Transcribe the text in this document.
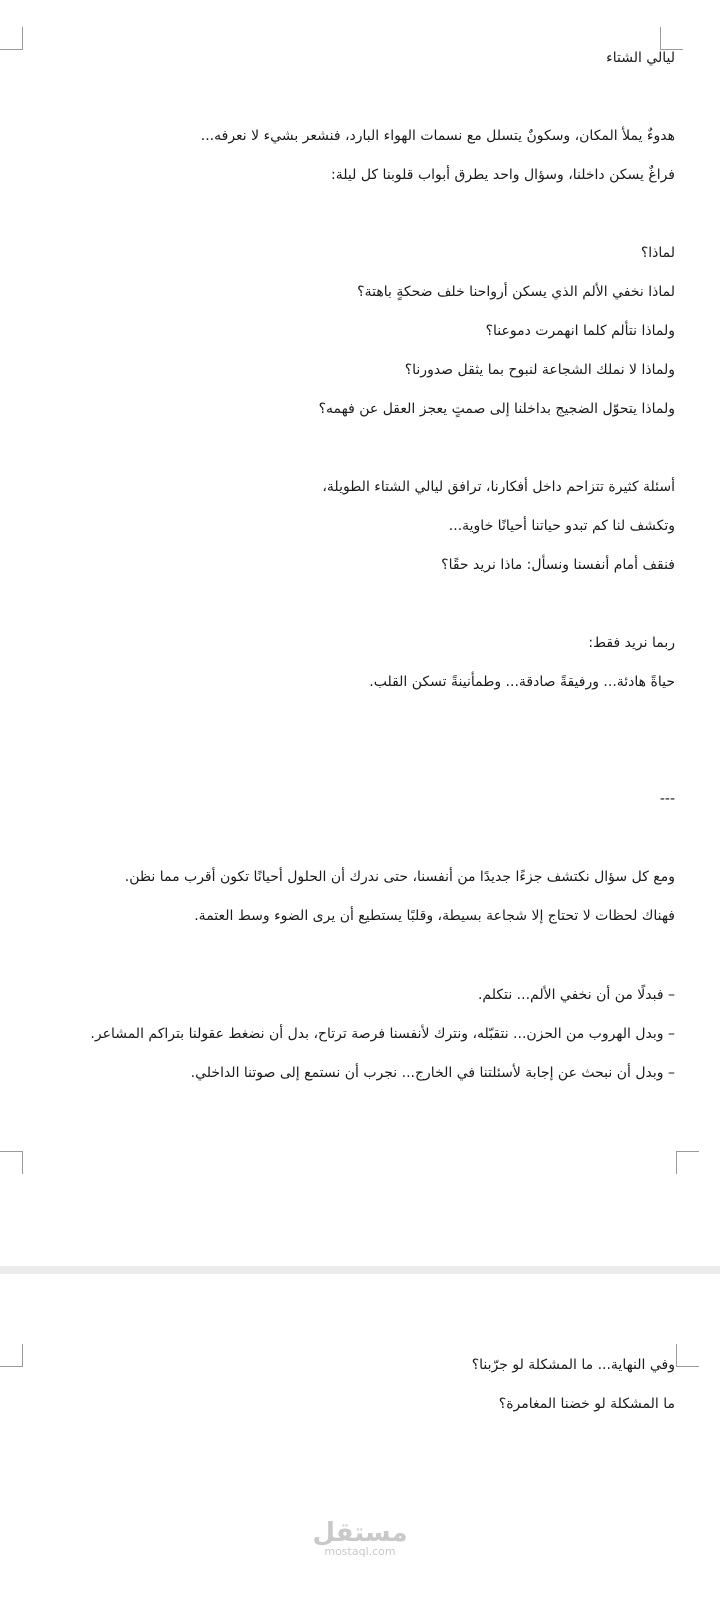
ليالي الشتاء
هدوءٌ يملأ المكان، وسكونٌ يتسلل مع نسمات الهواء البارد، فنشعر بشيء لا نعرفه...
فراغٌ يسكن داخلنا، وسؤال واحد يطرق أبواب قلوبنا كل ليلة:
لماذا؟
لماذا نخفي الألم الذي يسكن أرواحنا خلف ضحكةٍ باهتة؟
ولماذا نتألم كلما انهمرت دموعنا؟
ولماذا لا نملك الشجاعة لنبوح بما يثقل صدورنا؟
ولماذا يتحوّل الضجيج بداخلنا إلى صمتٍ يعجز العقل عن فهمه؟
أسئلة كثيرة تتزاحم داخل أفكارنا، ترافق ليالي الشتاء الطويلة،
وتكشف لنا كم تبدو حياتنا أحيانًا خاوية...
فنقف أمام أنفسنا ونسأل: ماذا نريد حقًا؟
ربما نريد فقط:
حياةً هادئة... ورفيقةً صادقة... وطمأنينةً تسكن القلب.
---
ومع كل سؤال نكتشف جزءًا جديدًا من أنفسنا، حتى ندرك أن الحلول أحيانًا تكون أقرب مما نظن.
فهناك لحظات لا تحتاج إلا شجاعة بسيطة، وقلبًا يستطيع أن يرى الضوء وسط العتمة.
– فبدلًا من أن نخفي الألم... نتكلم.
– وبدل الهروب من الحزن... نتقبّله، ونترك لأنفسنا فرصة ترتاح، بدل أن نضغط عقولنا بتراكم المشاعر.
– وبدل أن نبحث عن إجابة لأسئلتنا في الخارج... نجرب أن نستمع إلى صوتنا الداخلي.
وفي النهاية... ما المشكلة لو جرّبنا؟
ما المشكلة لو خضنا المغامرة؟
مستقل
mostaql.com
